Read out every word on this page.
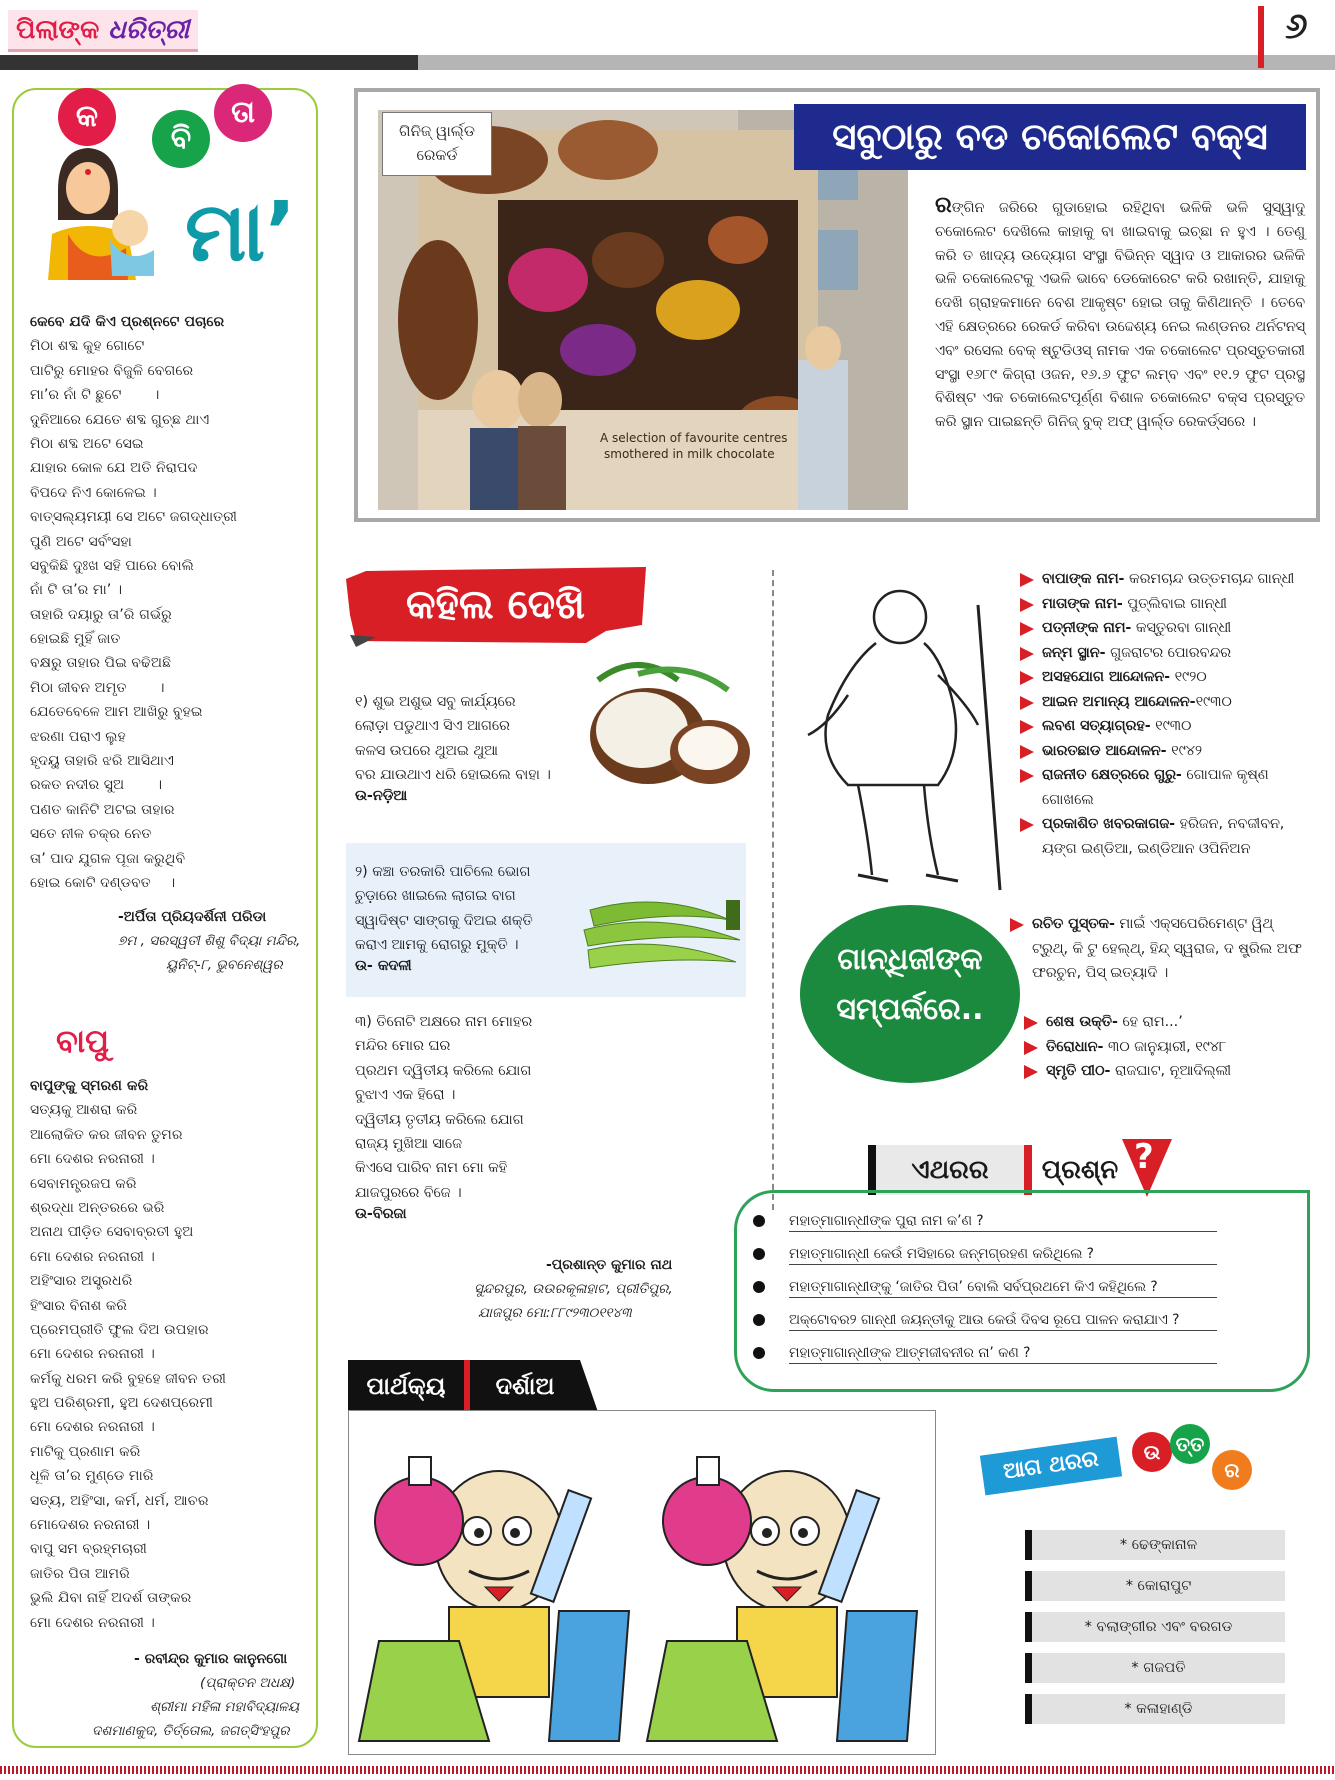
ପିଲାଙ୍କ ଧରିତ୍ରୀ	୬
କ
ବି
ତା
ମା’
କେବେ ଯଦି କିଏ ପ୍ରଶ୍ନଟେ ପଚାରେ
ମିଠା ଶବ୍ଦ କୁହ ଗୋଟେ
ପାଟିରୁ ମୋହର ବିଜୁଳି ବେଗରେ
ମା’ର ନାଁ ଟି ଛୁଟେ       ।
ଦୁନିଆରେ ଯେତେ ଶବ୍ଦ ଗୁଚ୍ଛ ଥାଏ
ମିଠା ଶବ୍ଦ ଅଟେ ସେଇ
ଯାହାର କୋଳ ଯେ ଅତି ନିରାପଦ
ବିପଦେ ନିଏ କୋଳେଇ ।
ବାତ୍ସଲ୍ୟମୟୀ ସେ ଅଟେ ଜଗଦ୍ଧାତ୍ରୀ
ପୁଣି ଅଟେ ସର୍ବଂସହା
ସବୁକିଛି ଦୁଃଖ ସହି ପାରେ ବୋଲି
ନାଁ ଟି ତା’ର ମା’ ।
ତାହାରି ଦୟାରୁ ତା’ରି ଗର୍ଭରୁ
ହୋଇଛି ମୁହିଁ ଜାତ
ବକ୍ଷରୁ ତାହାର ପିଇ ବଢିଅଛି
ମିଠା ଜୀବନ ଅମୃତ       ।
ଯେତେବେଳେ ଆମ ଆଖିରୁ ବୁହଇ
ଝରଣା ପରାଏ ଲୁହ
ହୃଦୟୁ ତାହାରି ଝରି ଆସିଥାଏ
ରକତ ନଦୀର ସୁଅ       ।
ପଣତ କାନିଟି ଅଟଇ ତାହାର
ସତେ ନୀଳ ଚକ୍ର ନେତ
ତା’ ପାଦ ଯୁଗଳ ପୂଜା କରୁଥିବି
ହୋଇ କୋଟି ଦଣ୍ଡବତ    ।
-ଅର୍ପିତା ପ୍ରିୟଦର୍ଶିନୀ ପରିଡା
୭ମ , ସରସ୍ୱତୀ ଶିଶୁ ବିଦ୍ୟା ମନ୍ଦିର,
ୟୁନିଟ୍-୮, ଭୁବନେଶ୍ୱର
ବାପୁ
ବାପୁଙ୍କୁ ସ୍ମରଣ କରି
ସତ୍ୟକୁ ଆଶରା କରି
ଆଲୋକିତ କର ଜୀବନ ତୁମର
ମୋ ଦେଶର ନରନାରୀ ।
ସେବାମନ୍ତ୍ରଜପ କରି
ଶ୍ରଦ୍ଧା ଅନ୍ତରରେ ଭରି
ଅନାଥ ପୀଡ଼ିତ ସେବାବ୍ରତୀ ହୁଅ
ମୋ ଦେଶର ନରନାରୀ ।
ଅହିଂସାର ଅସ୍ତ୍ରଧରି
ହିଂସାର ବିନାଶ କରି
ପ୍ରେମପ୍ରୀତି ଫୁଲ ଦିଅ ଉପହାର
ମୋ ଦେଶର ନରନାରୀ ।
କର୍ମକୁ ଧରମ କରି ବୁହହେ ଜୀବନ ତରୀ
ହୁଅ ପରିଶ୍ରମୀ, ହୁଅ ଦେଶପ୍ରେମୀ
ମୋ ଦେଶର ନରନାରୀ ।
ମାଟିକୁ ପ୍ରଣାମ କରି
ଧୂଳି ତା’ର ମୁଣ୍ଡେ ମାରି
ସତ୍ୟ, ଅହିଂସା, କର୍ମ, ଧର୍ମ, ଆଚର
ମୋଦେଶର ନରନାରୀ ।
ବାପୁ ସମ ବ୍ରହ୍ମଚାରୀ
ଜାତିର ପିତା ଆମରି
ଭୁଲି ଯିବା ନାହିଁ ଅଦର୍ଶ ତାଙ୍କର
ମୋ ଦେଶର ନରନାରୀ ।
- ରବୀନ୍ଦ୍ର କୁମାର କାନୁନଗୋ
(ପ୍ରାକ୍ତନ ଅଧକ୍ଷ)
ଶ୍ରୀମା ମହିଳା ମହାବିଦ୍ୟାଳୟ
ଦଶମାଣକୁଦ, ତିର୍ତ୍ତୋଲ, ଜଗତ୍‌ସିଂହପୁର
A selection of favourite centres
smothered in milk chocolate
ଗିନିଜ୍ ୱାର୍ଲ୍ଡ
ରେକର୍ଡ	ସବୁଠାରୁ ବଡ ଚକୋଲେଟ ବକ୍ସ
ରଙ୍ଗିନ ଜରିରେ ଗୁଡାହୋଇ ରହିଥିବା ଭଳିକି ଭଳି ସୁସ୍ୱାଦୁ ଚକୋଲେଟ ଦେଖିଲେ କାହାକୁ ବା ଖାଇବାକୁ ଇଚ୍ଛା ନ ହୁଏ । ତେଣୁ କରି ତ ଖାଦ୍ୟ ଉଦ୍ୟୋଗ ସଂସ୍ଥା ବିଭିନ୍ନ ସ୍ୱାଦ ଓ ଆକାରର ଭଳିକି ଭଳି ଚକୋଲେଟକୁ ଏଭଳି ଭାବେ ଡେକୋରେଟ କରି ରଖାନ୍ତି, ଯାହାକୁ ଦେଖି ଗ୍ରାହକମାନେ ବେଶ ଆକୃଷ୍ଟ ହୋଇ ତାକୁ କିଣିଥାନ୍ତି । ତେବେ ଏହି କ୍ଷେତ୍ରରେ ରେକର୍ଡ କରିବା ଉଦ୍ଦେଶ୍ୟ ନେଇ ଲଣ୍ଡନର ଥର୍ନଟନସ୍ ଏବଂ ରସେଲ ବେକ୍ ଷ୍ଟୁଡିଓସ୍ ନାମକ ଏକ ଚକୋଲେଟ ପ୍ରସ୍ତୁତକାରୀ ସଂସ୍ଥା ୧୬୮୯ କିଗ୍ରା ଓଜନ, ୧୬.୬ ଫୁଟ ଲମ୍ବ ଏବଂ ୧୧.୨ ଫୁଟ ପ୍ରସ୍ଥ ବିଶିଷ୍ଟ ଏକ ଚକୋଲେଟପୂର୍ଣ୍ଣ ବିଶାଳ ଚକୋଲେଟ ବକ୍ସ ପ୍ରସ୍ତୁତ କରି ସ୍ଥାନ ପାଇଛନ୍ତି ଗିନିଜ୍ ବୁକ୍ ଅଫ୍ ୱାର୍ଲ୍ଡ ରେକର୍ଡ୍ସରେ ।
କହିଲ ଦେଖି
୧) ଶୁଭ ଅଶୁଭ ସବୁ କାର୍ଯ୍ୟରେ
ଲୋଡ଼ା ପଡୁଥାଏ ସିଏ ଆଗରେ
କଳସ ଉପରେ ଥୁଅଇ ଥୁଆ
ବର ଯାଉଥାଏ ଧରି ହୋଇଲେ ବାହା ।
ଉ-ନଡ଼ିଆ
୨) କଞ୍ଚା ତରକାରି ପାଚିଲେ ଭୋଗ
ଚୁଡ଼ାରେ ଖାଇଲେ ଲାଗଇ ବାଗ
ସ୍ୱାଦିଷ୍ଟ ସାଙ୍ଗକୁ ଦିଅଇ ଶକ୍ତି
କରାଏ ଆମକୁ ରୋଗରୁ ମୁକ୍ତି ।
ଉ- କଦଳୀ
୩) ତିନୋଟି ଅକ୍ଷରେ ନାମ ମୋହର
ମନ୍ଦିର ମୋର ଘର
ପ୍ରଥମ ଦ୍ୱିତୀୟ କରିଲେ ଯୋଗ
ବୁଝାଏ ଏକ ହିରୋ ।
ଦ୍ୱିତୀୟ ତୃତୀୟ କରିଲେ ଯୋଗ
ରାଜ୍ୟ ମୁଖିଆ ସାଜେ
କିଏସେ ପାରିବ ନାମ ମୋ କହି
ଯାଜପୁରରେ ବିଜେ ।
ଉ-ବିରଜା
-ପ୍ରଶାନ୍ତ କୁମାର ନାଥ
ସୁନ୍ଦରପୁର, ଉଉରକୂଳାହାଟ, ପ୍ରୀତିପୁର,
ଯାଜପୁର ମୋ:୮୮୯୨୩୦୧୧୪୩
ବାପାଙ୍କ ନାମ- କରମଚାନ୍ଦ ଉତ୍ତମଚାନ୍ଦ ଗାନ୍ଧୀ
ମାତାଙ୍କ ନାମ- ପୁତ୍ଲିବାଇ ଗାନ୍ଧୀ
ପତ୍ନୀଙ୍କ ନାମ- କସ୍ତୁରବା ଗାନ୍ଧୀ
ଜନ୍ମ ସ୍ଥାନ- ଗୁଜରାଟର ପୋରବନ୍ଦର
ଅସହଯୋଗ ଆନ୍ଦୋଳନ- ୧୯୨୦
ଆଇନ ଅମାନ୍ୟ ଆନ୍ଦୋଳନ-୧୯୩୦
ଲବଣ ସତ୍ୟାଗ୍ରହ- ୧୯୩୦
ଭାରତଛାଡ ଆନ୍ଦୋଳନ- ୧୯୪୨
ରାଜନୀତ କ୍ଷେତ୍ରରେ ଗୁରୁ- ଗୋପାଳ କୃଷ୍ଣ ଗୋଖଲେ
ପ୍ରକାଶିତ ଖବରକାଗଜ- ହରିଜନ, ନବଜୀବନ, ୟଙ୍ଗ ଇଣ୍ଡିଆ, ଇଣ୍ଡିଆନ ଓପିନିଅନ
ଗାନ୍ଧିଜୀଙ୍କ
ସମ୍ପର୍କରେ..
ରଚିତ ପୁସ୍ତକ- ମାଇଁ ଏକ୍ସପେରିମେଣ୍ଟ ୱିଥ୍ ଟ୍ରୁଥ୍, କି ଟୁ ହେଲ୍ଥ୍, ହିନ୍ଦ୍ ସ୍ୱରାଜ, ଦ ଷ୍ଟ୍ରିଲ ଅଫ ଫରଚୁନ, ପିସ୍ ଇତ୍ୟାଦି ।
ଶେଷ ଉକ୍ତି- ହେ ରାମ...’
ତିରୋଧାନ- ୩୦ ଜାନୁୟାରୀ, ୧୯୪୮
ସ୍ମୃତି ପୀଠ- ରାଜଘାଟ, ନୂଆଦିଲ୍ଲୀ
ଏଥରର	ପ୍ରଶ୍ନ ?
ମହାତ୍ମାଗାନ୍ଧୀଙ୍କ ପୁରା ନାମ କ’ଣ ?
ମହାତ୍ମାଗାନ୍ଧୀ କେଉଁ ମସିହାରେ ଜନ୍ମଗ୍ରହଣ କରିଥିଲେ ?
ମହାତ୍ମାଗାନ୍ଧୀଙ୍କୁ ‘ଜାତିର ପିତା’ ବୋଲି ସର୍ବପ୍ରଥମେ କିଏ କହିଥିଲେ ?
ଅକ୍ଟୋବର୨ ଗାନ୍ଧୀ ଜୟନ୍ତୀକୁ ଆଉ କେଉଁ ଦିବସ ରୂପେ ପାଳନ କରାଯାଏ ?
ମହାତ୍ମାଗାନ୍ଧୀଙ୍କ ଆତ୍ମଜୀବନୀର ନା’ କଣ ?
ଆଗ ଥରର	ଉ ତ୍ତ
ର
* ଢେଙ୍କାନାଳ
* କୋରାପୁଟ
* ବଲାଙ୍ଗୀର ଏବଂ ବରଗଡ
* ଗଜପତି
* କଳାହାଣ୍ଡି
ପାର୍ଥକ୍ୟ	ଦର୍ଶାଅ
